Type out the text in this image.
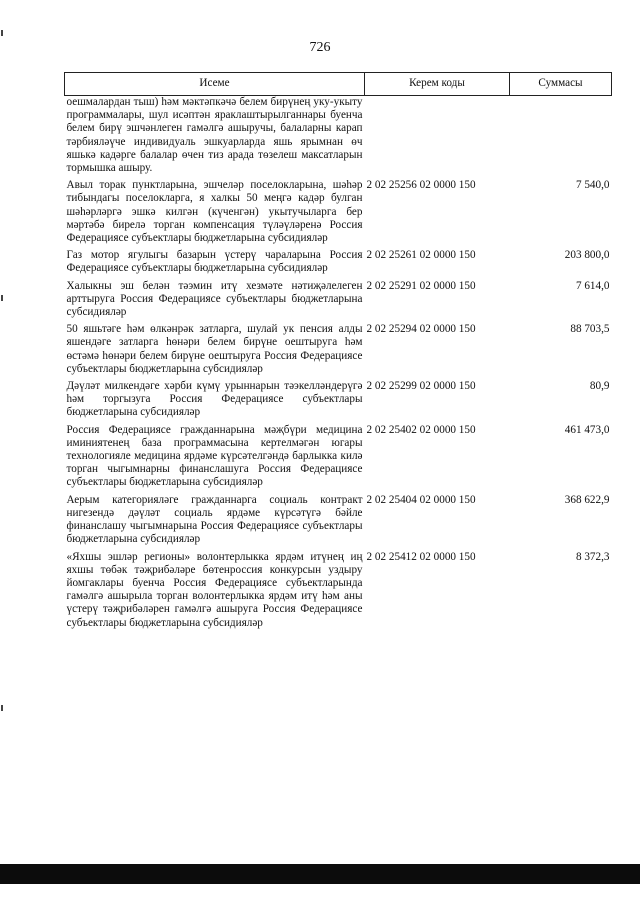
726
Исеме	Керем коды	Суммасы
оешмалардан тыш) һәм мәктәпкәчә белем бирүнең уку-укыту программалары, шул исәптән яраклаштырылганнары буенча белем бирү эшчәнлеген гамәлгә ашыручы, балаларны карап тәрбияләүче индивидуаль эшкуарларда яшь ярымнан өч яшькә кадәрге балалар өчен тиз арада төзелеш максатларын тормышка ашыру.		
Авыл торак пунктларына, эшчеләр поселокларына, шәһәр тибындагы поселокларга, я халкы 50 меңгә кадәр булган шәһәрләргә эшкә килгән (күченгән) укытучыларга бер мәртәбә бирелә торган компенсация түләүләренә Россия Федерациясе субъектлары бюджетларына субсидияләр	2 02 25256 02 0000 150	7 540,0
Газ мотор ягулыгы базарын үстерү чараларына Россия Федерациясе субъектлары бюджетларына субсидияләр	2 02 25261 02 0000 150	203 800,0
Халыкны эш белән тәэмин итү хезмәте нәтиҗәлелеген арттыруга Россия Федерациясе субъектлары бюджетларына субсидияләр	2 02 25291 02 0000 150	7 614,0
50 яшьтәге һәм өлкәнрәк затларга, шулай ук пенсия алды яшендәге затларга һөнәри белем бирүне оештыруга һәм өстәмә һөнәри белем бирүне оештыруга Россия Федерациясе субъектлары бюджетларына субсидияләр	2 02 25294 02 0000 150	88 703,5
Дәүләт милкендәге хәрби күмү урыннарын тәэкелләндерүгә һәм торгызуга Россия Федерациясе субъектлары бюджетларына субсидияләр	2 02 25299 02 0000 150	80,9
Россия Федерациясе гражданнарына мәҗбүри медицина иминиятенең база программасына кертелмәгән югары технологияле медицина ярдәме күрсәтелгәндә барлыкка килә торган чыгымнарны финанслашуга Россия Федерациясе субъектлары бюджетларына субсидияләр	2 02 25402 02 0000 150	461 473,0
Аерым категорияләге гражданнарга социаль контракт нигезендә дәүләт социаль ярдәме күрсәтүгә бәйле финанслашу чыгымнарына Россия Федерациясе субъектлары бюджетларына субсидияләр	2 02 25404 02 0000 150	368 622,9
«Яхшы эшләр регионы» волонтерлыкка ярдәм итүнең иң яхшы төбәк тәҗрибәләре бөтенроссия конкурсын уздыру йомгаклары буенча Россия Федерациясе субъектларында гамәлгә ашырыла торган волонтерлыкка ярдәм итү һәм аны үстерү тәҗрибәләрен гамәлгә ашыруга Россия Федерациясе субъектлары бюджетларына субсидияләр	2 02 25412 02 0000 150	8 372,3
